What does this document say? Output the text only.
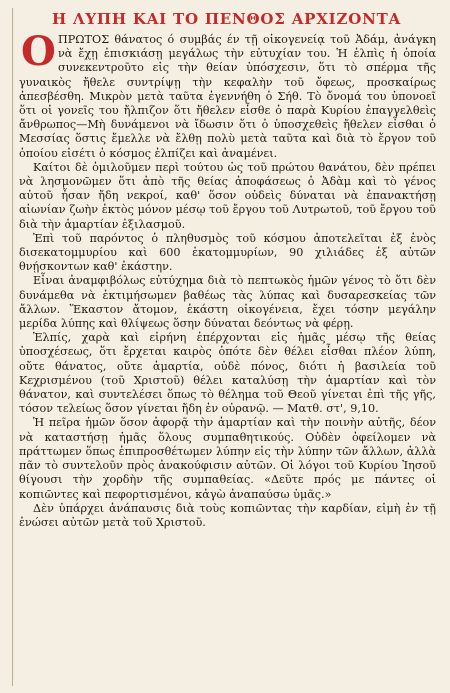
Η ΛΥΠΗ ΚΑΙ ΤΟ ΠΕΝΘΟΣ ΑΡΧΙΖΟΝΤΑ

ΟΠΡΩΤΟΣ θάνατος ό συμβάς έν τῇ οἰκογενείᾳ τοῦ Ἀδάμ, ἀνάγκη νὰ ἔχῃ ἐπισκιάσῃ μεγάλως τὴν εὐτυχίαν του. Ἡ ἐλπὶς ἡ ὁποία συνεκεντροῦτο εἰς τὴν θείαν ὑπόσχεσιν, ὅτι τὸ σπέρμα τῆς γυναικὸς ἤθελε συντρίψῃ τὴν κεφαλὴν τοῦ ὄφεως, προσκαίρως ἀπεσβέσθη. Μικρὸν μετὰ ταῦτα ἐγεννήθη ὁ Σήθ. Τὸ ὄνομά του ὑπονοεῖ ὅτι οἱ γονεῖς του ἤλπιζον ὅτι ἤθελεν εἶσθε ὁ παρὰ Κυρίου ἐπαγγελθεὶς ἄνθρωπος—Μὴ δυνάμενοι νὰ ἴδωσιν ὅτι ὁ ὑποσχεθεὶς ἤθελεν εἶσθαι ὁ Μεσσίας ὅστις ἔμελλε νὰ ἔλθῃ πολὺ μετὰ ταῦτα καὶ διὰ τὸ ἔργον τοῦ ὁποίου εἰσέτι ὁ κόσμος ἐλπίζει καὶ ἀναμένει.

Καίτοι δὲ ὁμιλοῦμεν περὶ τούτου ὡς τοῦ πρώτου θανάτου, δὲν πρέπει νὰ λησμονῶμεν ὅτι ἀπὸ τῆς θείας ἀποφάσεως ὁ Ἀδὰμ καὶ τὸ γένος αὐτοῦ ἦσαν ἤδη νεκροί, καθ' ὅσον οὐδεὶς δύναται νὰ ἐπανακτήσῃ αἰωνίαν ζωὴν ἐκτὸς μόνον μέσῳ τοῦ ἔργου τοῦ Λυτρωτοῦ, τοῦ ἔργου τοῦ διὰ τὴν ἁμαρτίαν ἐξιλασμοῦ.

Ἐπὶ τοῦ παρόντος ὁ πληθυσμὸς τοῦ κόσμου ἀποτελεῖται ἐξ ἑνὸς δισεκατομμυρίου καὶ 600 ἑκατομμυρίων, 90 χιλιάδες ἐξ αὐτῶν θνῄσκοντων καθ' ἑκάστην.

Εἶναι ἀναμφιβόλως εὐτύχημα διὰ τὸ πεπτωκὸς ἡμῶν γένος τὸ ὅτι δὲν δυνάμεθα νὰ ἐκτιμήσωμεν βαθέως τὰς λύπας καὶ δυσαρεσκείας τῶν ἄλλων. Ἕκαστον ἄτομον, ἑκάστη οἰκογένεια, ἔχει τόσην μεγάλην μερίδα λύπης καὶ θλίψεως ὅσην δύναται δεόντως νὰ φέρῃ.

Ἐλπίς, χαρὰ καὶ εἰρήνη ἐπέρχονται εἰς ἡμᾶς μέσῳ τῆς θείας ὑποσχέσεως, ὅτι ἔρχεται καιρὸς ὁπότε δὲν θέλει εἶσθαι πλέον λύπη, οὔτε θάνατος, οὔτε ἁμαρτία, οὐδὲ πόνος, διότι ἡ βασιλεία τοῦ Κεχρισμένου (τοῦ Χριστοῦ) θέλει καταλύσῃ τὴν ἁμαρτίαν καὶ τὸν θάνατον, καὶ συντελέσει ὅπως τὸ θέλημα τοῦ Θεοῦ γίνεται ἐπὶ τῆς γῆς, τόσον τελείως ὅσον γίνεται ἤδη ἐν οὐρανῷ. — Ματθ. στ', 9,10.

Ἡ πεῖρα ἡμῶν ὅσον ἀφορᾷ τὴν ἁμαρτίαν καὶ τὴν ποινὴν αὐτῆς, δέον νὰ καταστήσῃ ἡμᾶς ὅλους συμπαθητικούς. Οὐδὲν ὀφείλομεν νὰ πράττωμεν ὅπως ἐπιπροσθέτωμεν λύπην εἰς τὴν λύπην τῶν ἄλλων, ἀλλὰ πᾶν τὸ συντελοῦν πρὸς ἀνακούφισιν αὐτῶν. Οἱ λόγοι τοῦ Κυρίου Ἰησοῦ θίγουσι τὴν χορδὴν τῆς συμπαθείας. «Δεῦτε πρός με πάντες οἱ κοπιῶντες καὶ πεφορτισμένοι, κἀγὼ ἀναπαύσω ὑμᾶς.»

Δὲν ὑπάρχει ἀνάπαυσις διὰ τοὺς κοπιῶντας τὴν καρδίαν, εἰμὴ ἐν τῇ ἑνώσει αὐτῶν μετὰ τοῦ Χριστοῦ.
